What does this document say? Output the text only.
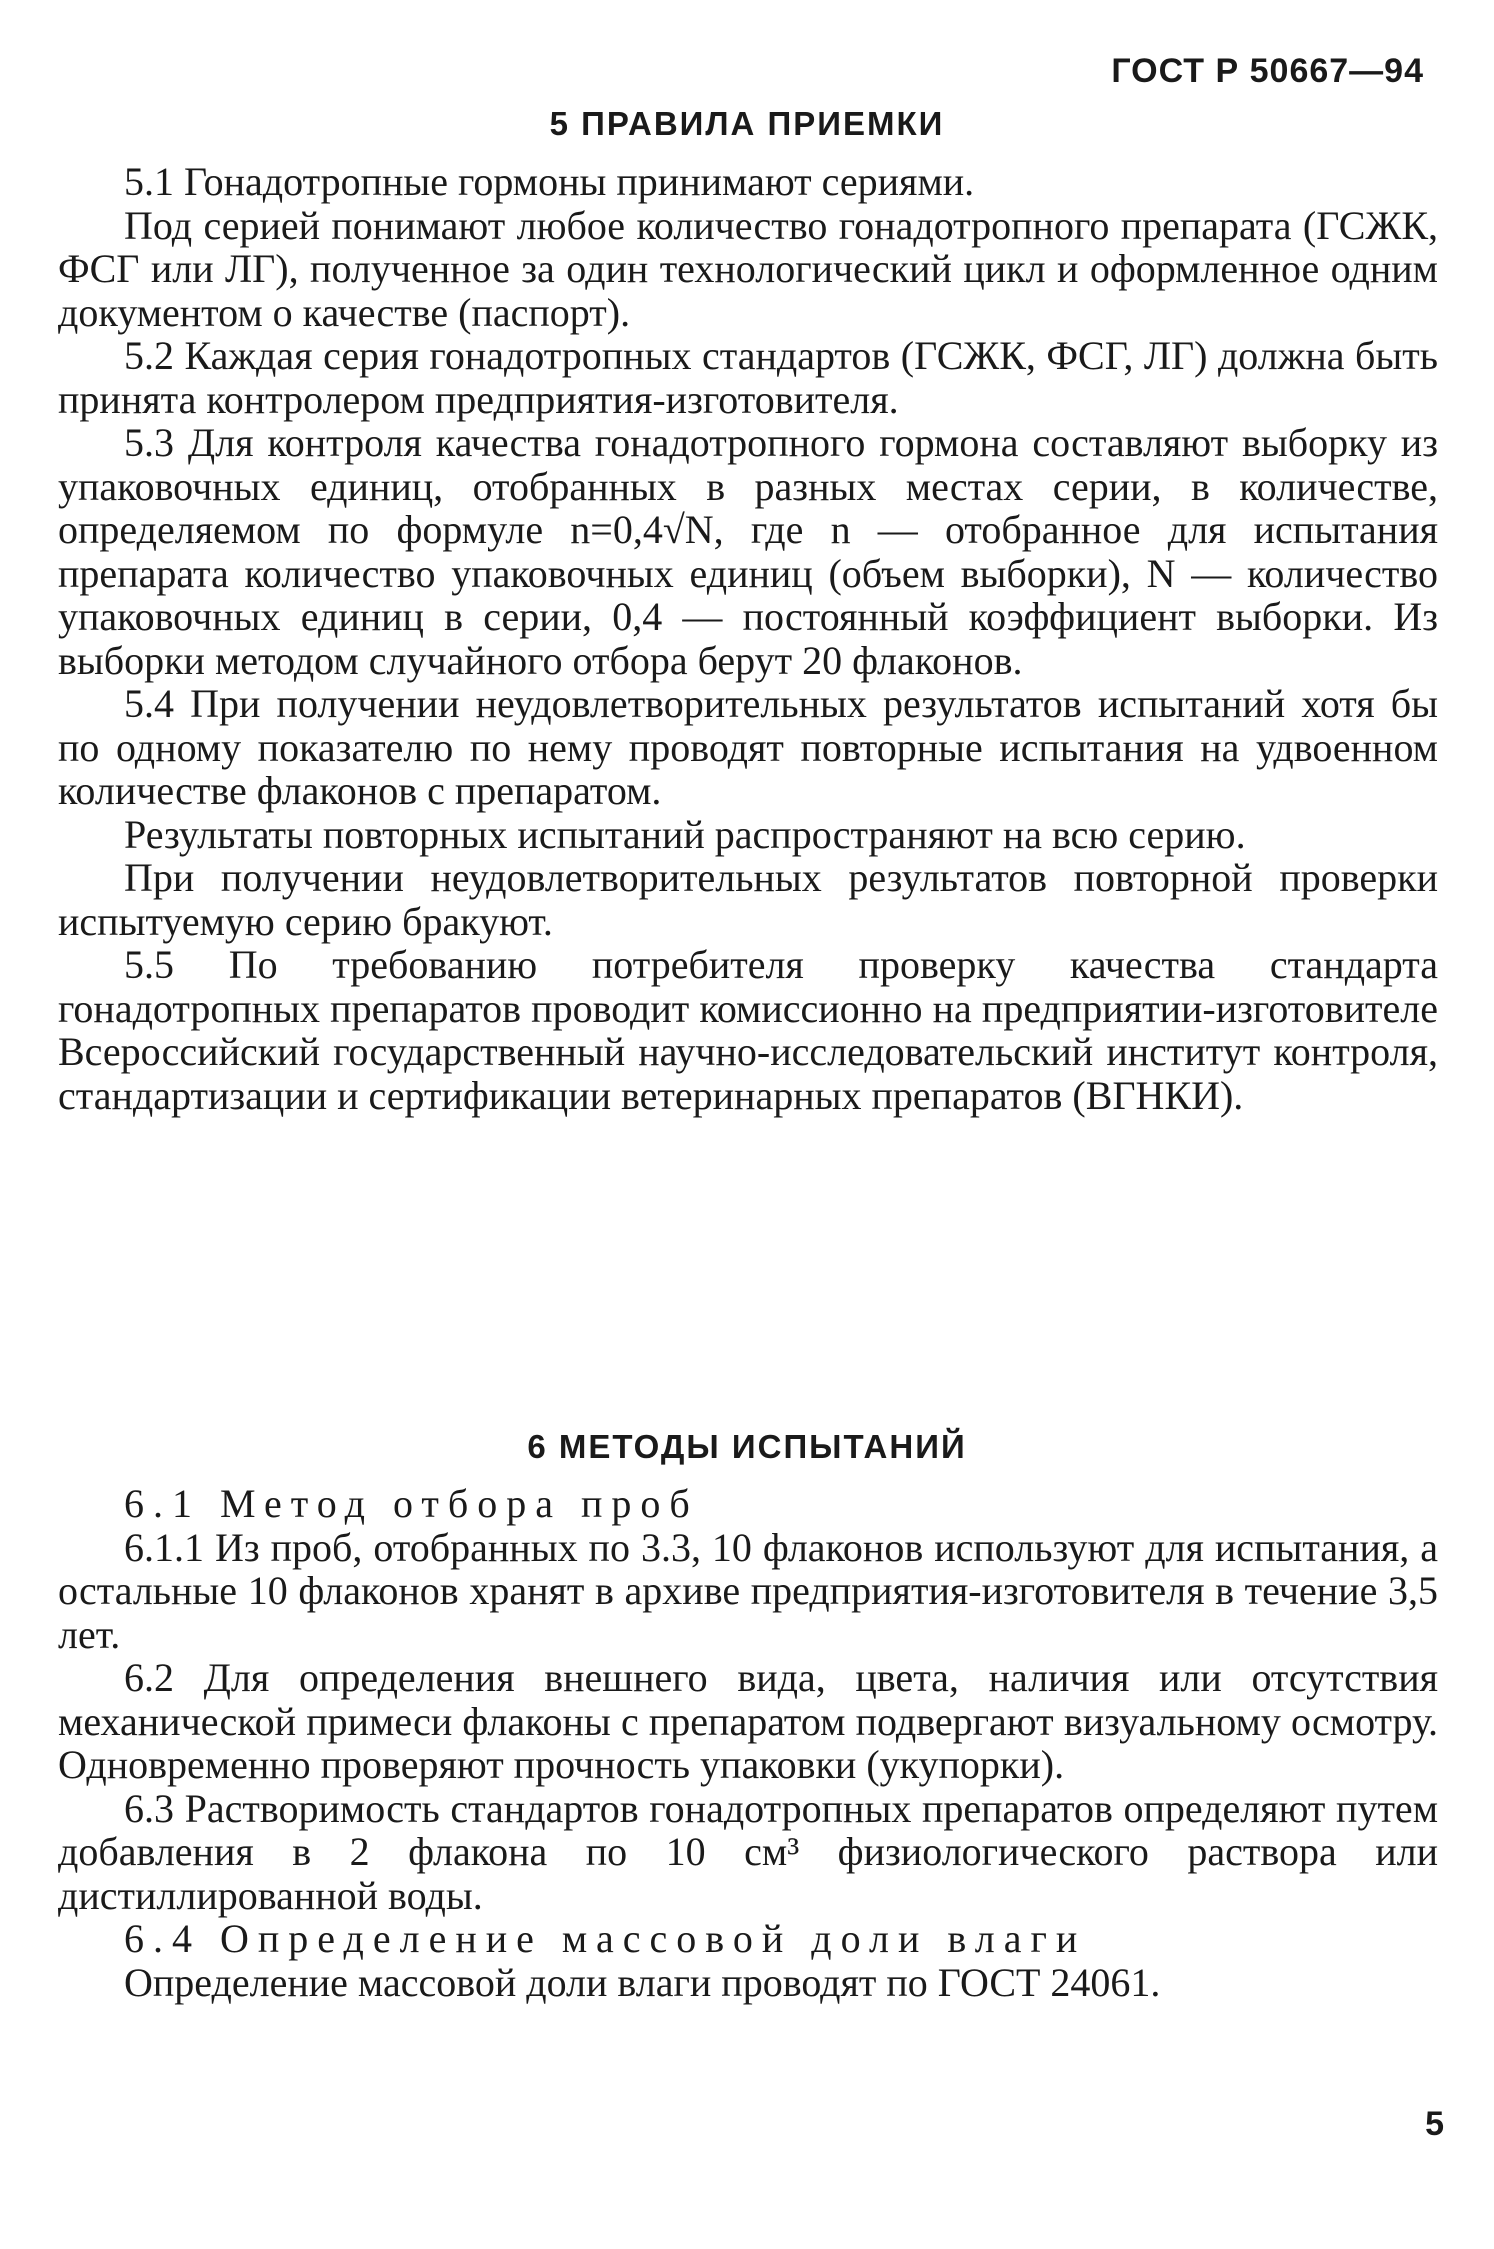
ГОСТ Р 50667—94
5 ПРАВИЛА ПРИЕМКИ

5.1 Гонадотропные гормоны принимают сериями.

Под серией понимают любое количество гонадотропного препарата (ГСЖК, ФСГ или ЛГ), полученное за один технологический цикл и оформленное одним документом о качестве (паспорт).

5.2 Каждая серия гонадотропных стандартов (ГСЖК, ФСГ, ЛГ) должна быть принята контролером предприятия-изготовителя.

5.3 Для контроля качества гонадотропного гормона составляют выборку из упаковочных единиц, отобранных в разных местах серии, в количестве, определяемом по формуле n=0,4√N, где n — отобранное для испытания препарата количество упаковочных единиц (объем выборки), N — количество упаковочных единиц в серии, 0,4 — постоянный коэффициент выборки. Из выборки методом случайного отбора берут 20 флаконов.

5.4 При получении неудовлетворительных результатов испытаний хотя бы по одному показателю по нему проводят повторные испытания на удвоенном количестве флаконов с препаратом.

Результаты повторных испытаний распространяют на всю серию.

При получении неудовлетворительных результатов повторной проверки испытуемую серию бракуют.

5.5 По требованию потребителя проверку качества стандарта гонадотропных препаратов проводит комиссионно на предприятии-изготовителе Всероссийский государственный научно-исследовательский институт контроля, стандартизации и сертификации ветеринарных препаратов (ВГНКИ).

6 МЕТОДЫ ИСПЫТАНИЙ

6.1 Метод отбора проб

6.1.1 Из проб, отобранных по 3.3, 10 флаконов используют для испытания, а остальные 10 флаконов хранят в архиве предприятия-изготовителя в течение 3,5 лет.

6.2 Для определения внешнего вида, цвета, наличия или отсутствия механической примеси флаконы с препаратом подвергают визуальному осмотру. Одновременно проверяют прочность упаковки (укупорки).

6.3 Растворимость стандартов гонадотропных препаратов определяют путем добавления в 2 флакона по 10 см³ физиологического раствора или дистиллированной воды.

6.4 Определение массовой доли влаги

Определение массовой доли влаги проводят по ГОСТ 24061.

5
